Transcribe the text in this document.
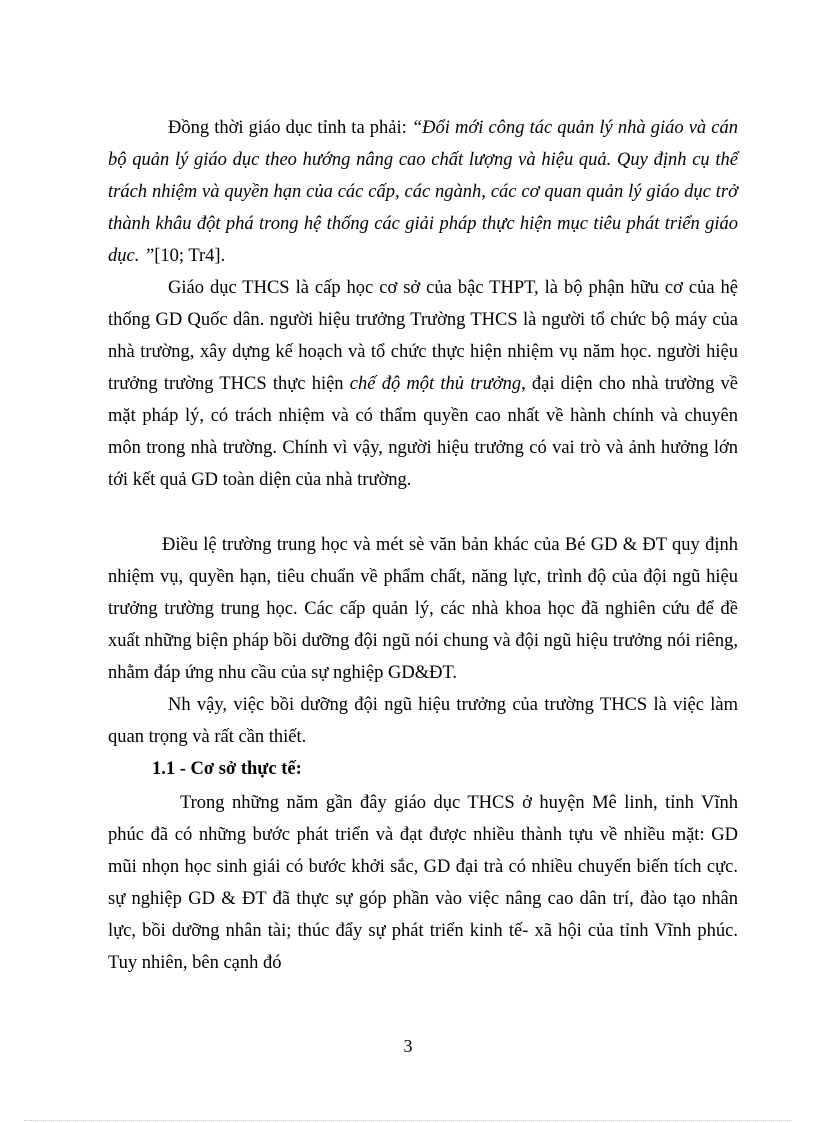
Đồng thời giáo dục tỉnh ta phải: “Đổi mới công tác quản lý nhà giáo và cán bộ quản lý giáo dục theo hướng nâng cao chất lượng và hiệu quả. Quy định cụ thể trách nhiệm và quyền hạn của các cấp, các ngành, các cơ quan quản lý giáo dục trở thành khâu đột phá trong hệ thống các giải pháp thực hiện mục tiêu phát triển giáo dục. ”[10; Tr4].

Giáo dục THCS là cấp học cơ sở của bậc THPT, là bộ phận hữu cơ của hệ thống GD Quốc dân. người hiệu trưởng Trường THCS là người tổ chức bộ máy của nhà trường, xây dựng kế hoạch và tổ chức thực hiện nhiệm vụ năm học. người hiệu trưởng trường THCS thực hiện chế độ một thủ trưởng, đại diện cho nhà trường về mặt pháp lý, có trách nhiệm và có thẩm quyền cao nhất về hành chính và chuyên môn trong nhà trường. Chính vì vậy, người hiệu trưởng có vai trò và ảnh hưởng lớn tới kết quả GD toàn diện của nhà trường.

Điều lệ trường trung học và mét sè văn bản khác của Bé GD & ĐT quy định nhiệm vụ, quyền hạn, tiêu chuẩn về phẩm chất, năng lực, trình độ của đội ngũ hiệu trưởng trường trung học. Các cấp quản lý, các nhà khoa học đã nghiên cứu để đề xuất những biện pháp bồi dưỡng đội ngũ nói chung và đội ngũ hiệu trưởng nói riêng, nhằm đáp ứng nhu cầu của sự nghiệp GD&ĐT.

Nh vậy, việc bồi dưỡng đội ngũ hiệu trưởng của trường THCS là việc làm quan trọng và rất cần thiết.

1.1 - Cơ sở thực tế:

Trong những năm gần đây giáo dục THCS ở huyện Mê linh, tỉnh Vĩnh phúc đã có những bước phát triển và đạt được nhiều thành tựu về nhiều mặt: GD mũi nhọn học sinh giái có bước khởi sắc, GD đại trà có nhiều chuyển biến tích cực. sự nghiệp GD & ĐT đã thực sự góp phần vào việc nâng cao dân trí, đào tạo nhân lực, bồi dưỡng nhân tài; thúc đẩy sự phát triển kinh tế- xã hội của tỉnh Vĩnh phúc. Tuy nhiên, bên cạnh đó

3
